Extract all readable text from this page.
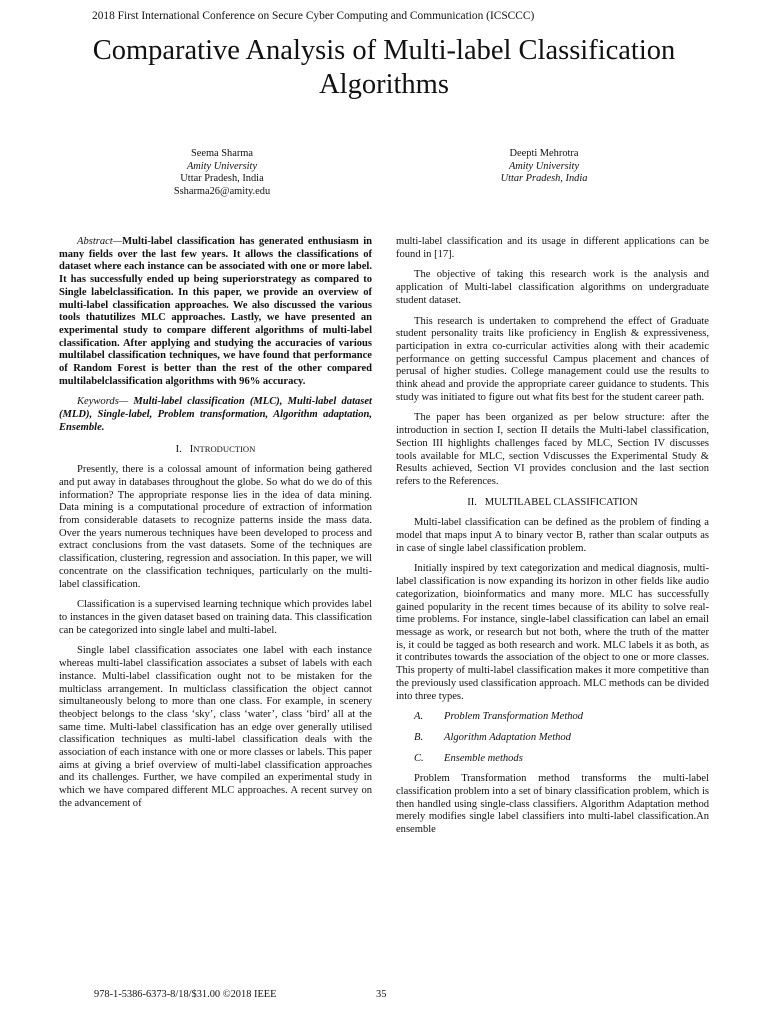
2018 First International Conference on Secure Cyber Computing and Communication (ICSCCC)
Comparative Analysis of Multi-label Classification
Algorithms
Seema Sharma
Amity University
Uttar Pradesh, India
Ssharma26@amity.edu
Deepti Mehrotra
Amity University
Uttar Pradesh, India

Abstract—Multi-label classification has generated enthusiasm in many fields over the last few years. It allows the classifications of dataset where each instance can be associated with one or more label. It has successfully ended up being superiorstrategy as compared to Single labelclassification. In this paper, we provide an overview of multi-label classification approaches. We also discussed the various tools thatutilizes MLC approaches. Lastly, we have presented an experimental study to compare different algorithms of multi-label classification. After applying and studying the accuracies of various multilabel classification techniques, we have found that performance of Random Forest is better than the rest of the other compared multilabelclassification algorithms with 96% accuracy.

Keywords— Multi-label classification (MLC), Multi-label dataset (MLD), Single-label, Problem transformation, Algorithm adaptation, Ensemble.

I. INTRODUCTION

Presently, there is a colossal amount of information being gathered and put away in databases throughout the globe. So what do we do of this information? The appropriate response lies in the idea of data mining. Data mining is a computational procedure of extraction of information from considerable datasets to recognize patterns inside the mass data. Over the years numerous techniques have been developed to process and extract conclusions from the vast datasets. Some of the techniques are classification, clustering, regression and association. In this paper, we will concentrate on the classification techniques, particularly on the multi-label classification.

Classification is a supervised learning technique which provides label to instances in the given dataset based on training data. This classification can be categorized into single label and multi-label.

Single label classification associates one label with each instance whereas multi-label classification associates a subset of labels with each instance. Multi-label classification ought not to be mistaken for the multiclass arrangement. In multiclass classification the object cannot simultaneously belong to more than one class. For example, in scenery theobject belongs to the class ‘sky’, class ‘water’, class ‘bird’ all at the same time. Multi-label classification has an edge over generally utilised classification techniques as multi-label classification deals with the association of each instance with one or more classes or labels. This paper aims at giving a brief overview of multi-label classification approaches and its challenges. Further, we have compiled an experimental study in which we have compared different MLC approaches. A recent survey on the advancement of

multi-label classification and its usage in different applications can be found in [17].

The objective of taking this research work is the analysis and application of Multi-label classification algorithms on undergraduate student dataset.

This research is undertaken to comprehend the effect of Graduate student personality traits like proficiency in English & expressiveness, participation in extra co-curricular activities along with their academic performance on getting successful Campus placement and chances of perusal of higher studies. College management could use the results to think ahead and provide the appropriate career guidance to students. This study was initiated to figure out what fits best for the student career path.

The paper has been organized as per below structure: after the introduction in section I, section II details the Multi-label classification, Section III highlights challenges faced by MLC, Section IV discusses tools available for MLC, section Vdiscusses the Experimental Study & Results achieved, Section VI provides conclusion and the last section refers to the References.

II.   MULTILABEL CLASSIFICATION

Multi-label classification can be defined as the problem of finding a model that maps input A to binary vector B, rather than scalar outputs as in case of single label classification problem.

Initially inspired by text categorization and medical diagnosis, multi-label classification is now expanding its horizon in other fields like audio categorization, bioinformatics and many more. MLC has successfully gained popularity in the recent times because of its ability to solve real-time problems. For instance, single-label classification can label an email message as work, or research but not both, where the truth of the matter is, it could be tagged as both research and work. MLC labels it as both, as it contributes towards the association of the object to one or more classes. This property of multi-label classification makes it more competitive than the previously used classification approach. MLC methods can be divided into three types.

A.	Problem Transformation Method
B.	Algorithm Adaptation Method
C.	Ensemble methods

Problem Transformation method transforms the multi-label classification problem into a set of binary classification problem, which is then handled using single-class classifiers. Algorithm Adaptation method merely modifies single label classifiers into multi-label classification.An ensemble

978-1-5386-6373-8/18/$31.00 ©2018 IEEE	35
